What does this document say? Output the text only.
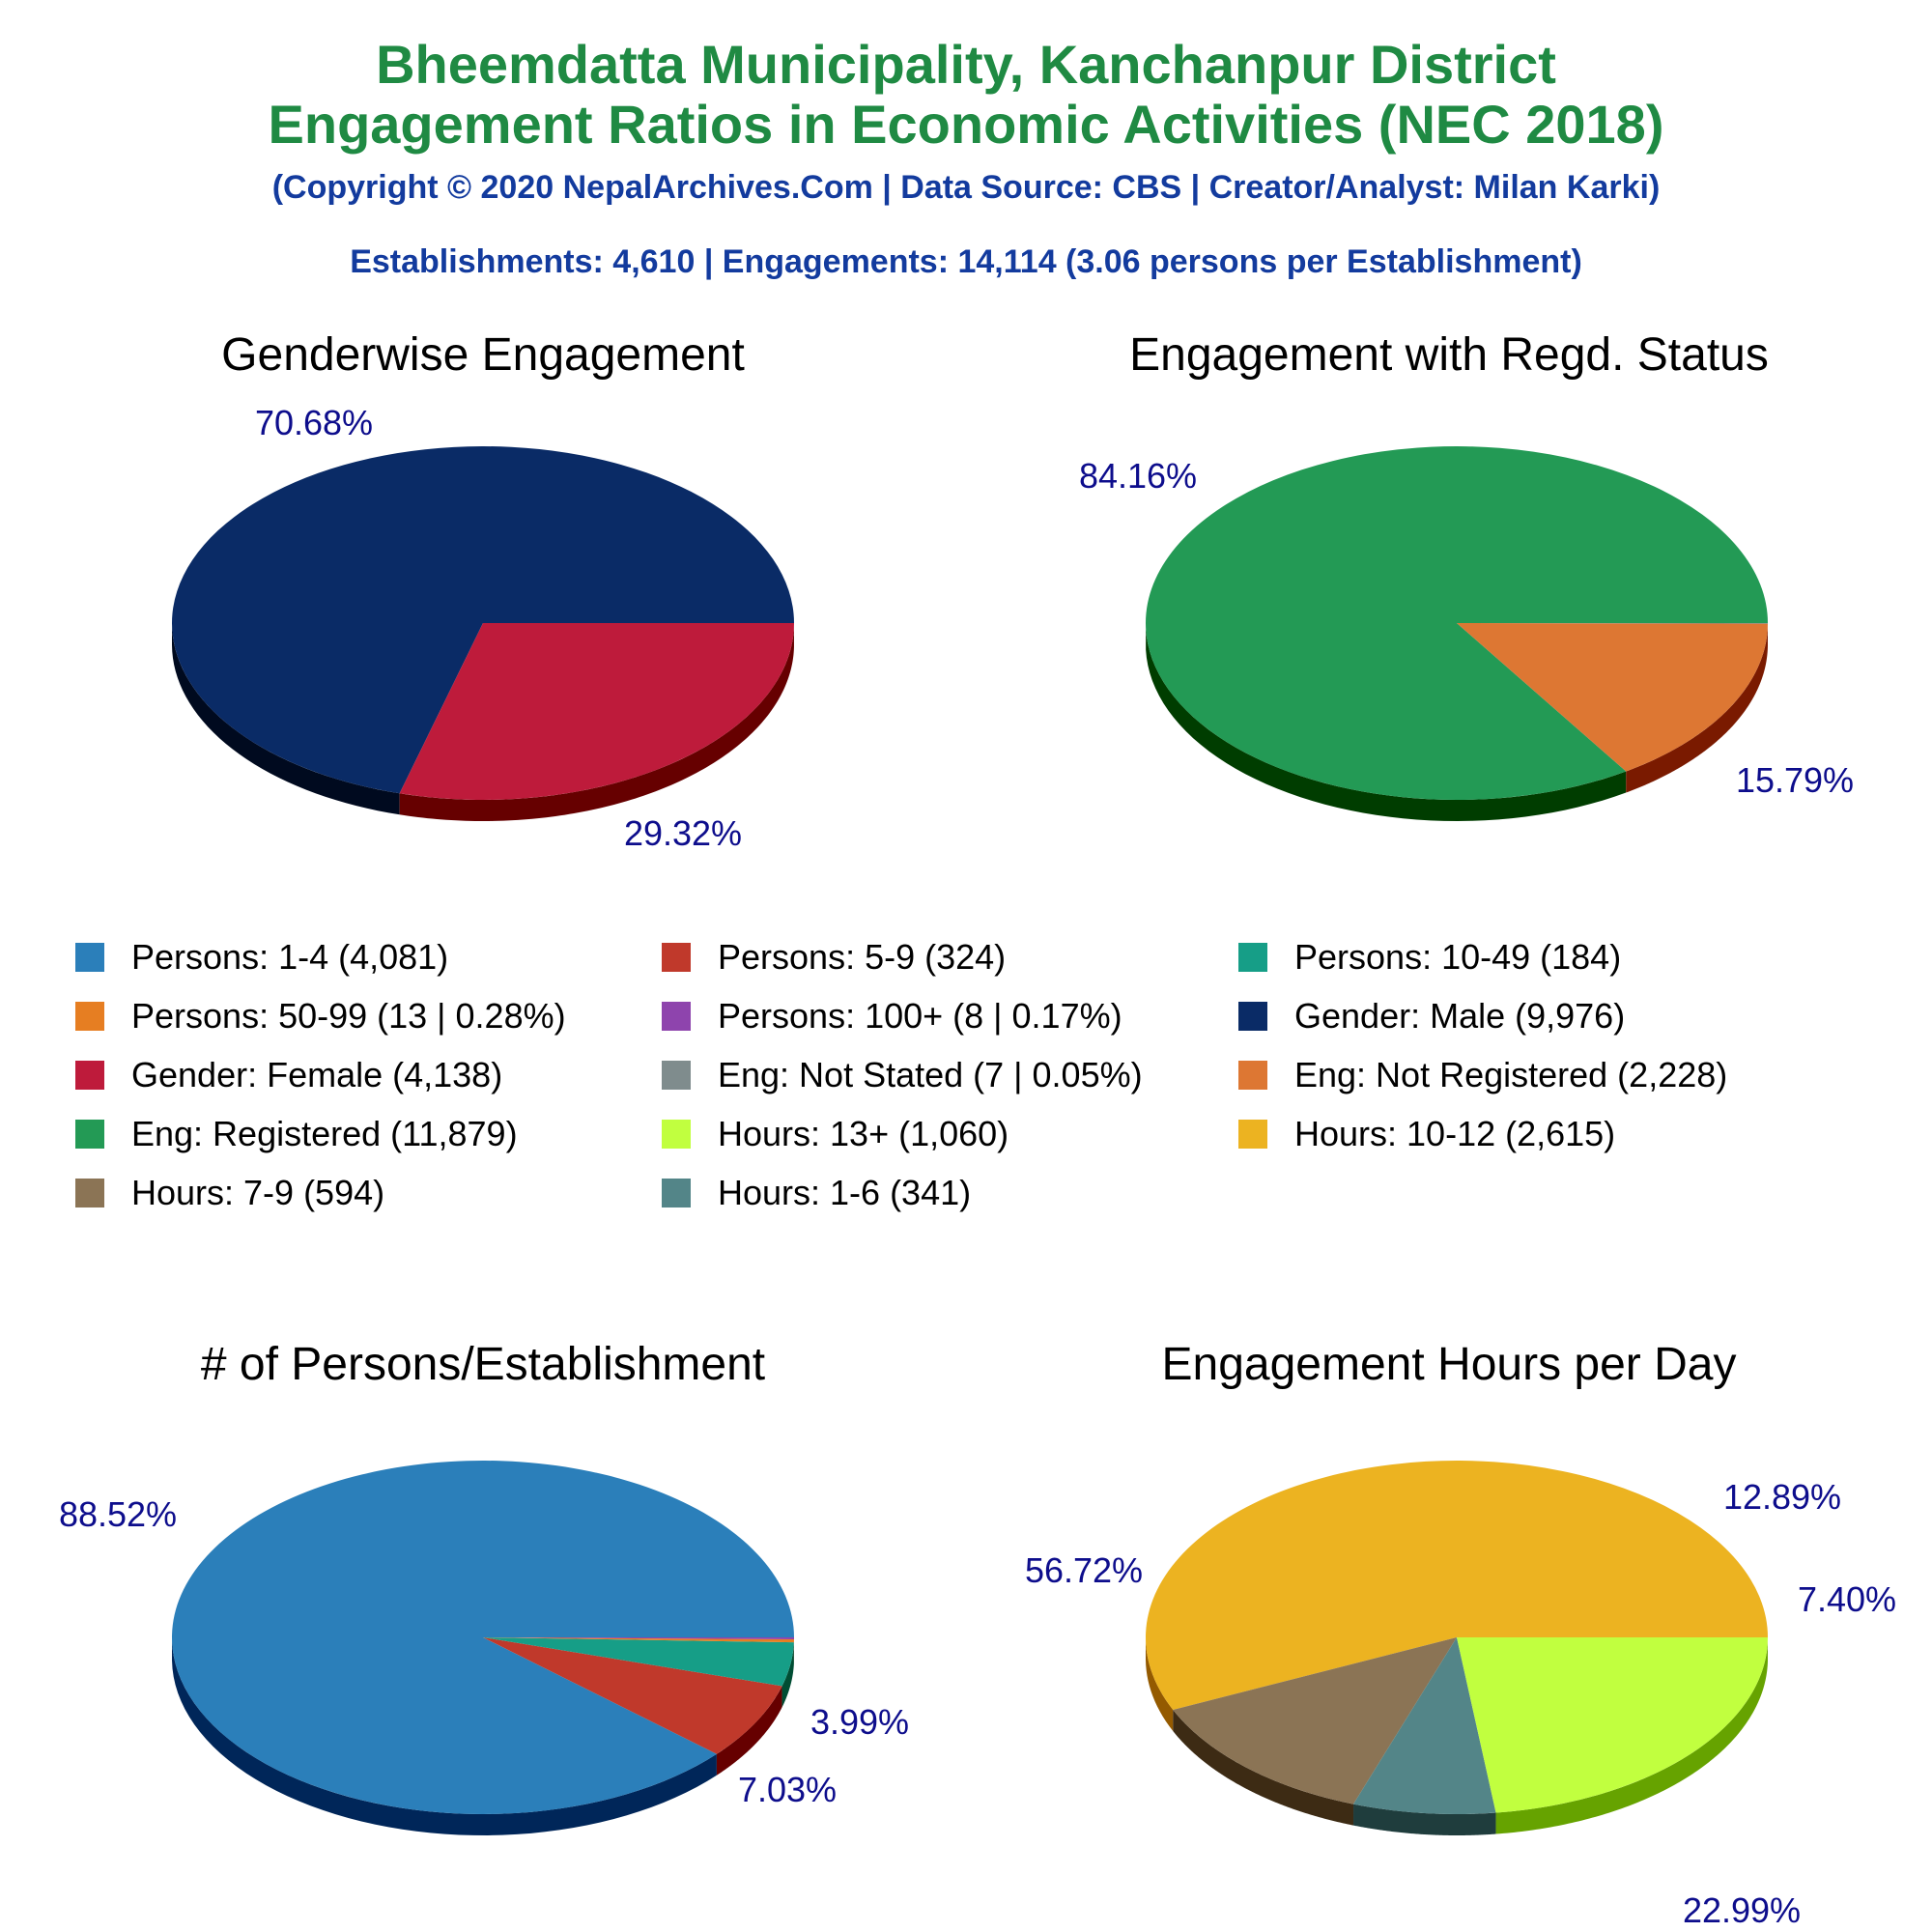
Bheemdatta Municipality, Kanchanpur District
Engagement Ratios in Economic Activities (NEC 2018)
(Copyright © 2020 NepalArchives.Com | Data Source: CBS | Creator/Analyst: Milan Karki)
Establishments: 4,610 | Engagements: 14,114 (3.06 persons per Establishment)
Genderwise Engagement	Engagement with Regd. Status
# of Persons/Establishment	Engagement Hours per Day
70.68%
29.32%
84.16%
15.79%
88.52%
7.03%
3.99%
56.72%
12.89%
7.40%
22.99%
Persons: 1-4 (4,081)	Persons: 5-9 (324)	Persons: 10-49 (184)
Persons: 50-99 (13 | 0.28%)	Persons: 100+ (8 | 0.17%)	Gender: Male (9,976)
Gender: Female (4,138)	Eng: Not Stated (7 | 0.05%)	Eng: Not Registered (2,228)
Eng: Registered (11,879)	Hours: 13+ (1,060)	Hours: 10-12 (2,615)
Hours: 7-9 (594)	Hours: 1-6 (341)
